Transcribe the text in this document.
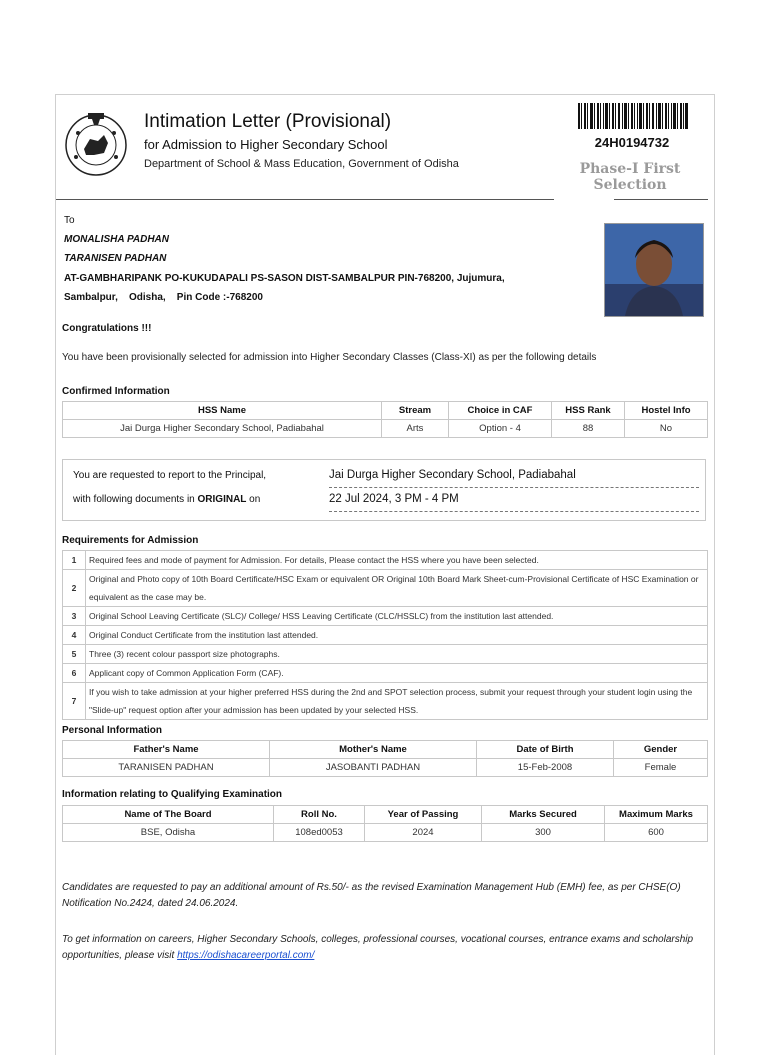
Intimation Letter (Provisional)
for Admission to Higher Secondary School
Department of School & Mass Education, Government of Odisha
24H0194732
Phase-I First
Selection
To
MONALISHA PADHAN
TARANISEN PADHAN
AT-GAMBHARIPANK PO-KUKUDAPALI PS-SASON DIST-SAMBALPUR PIN-768200, Jujumura,
Sambalpur,    Odisha,    Pin Code :-768200
Congratulations !!!
You have been provisionally selected for admission into Higher Secondary Classes (Class-XI) as per the following details
Confirmed Information
HSS Name	Stream	Choice in CAF	HSS Rank	Hostel Info
Jai Durga Higher Secondary School, Padiabahal	Arts	Option - 4	88	No
You are requested to report to the Principal,
with following documents in ORIGINAL on
Jai Durga Higher Secondary School, Padiabahal
22 Jul 2024, 3 PM - 4 PM
Requirements for Admission
1	Required fees and mode of payment for Admission. For details, Please contact the HSS where you have been selected.
2	Original and Photo copy of 10th Board Certificate/HSC Exam or equivalent OR Original 10th Board Mark Sheet-cum-Provisional Certificate of HSC Examination or equivalent as the case may be.
3	Original School Leaving Certificate (SLC)/ College/ HSS Leaving Certificate (CLC/HSSLC) from the institution last attended.
4	Original Conduct Certificate from the institution last attended.
5	Three (3) recent colour passport size photographs.
6	Applicant copy of Common Application Form (CAF).
7	If you wish to take admission at your higher preferred HSS during the 2nd and SPOT selection process, submit your request through your student login using the "Slide-up" request option after your admission has been updated by your selected HSS.
Personal Information
Father's Name	Mother's Name	Date of Birth	Gender
TARANISEN PADHAN	JASOBANTI PADHAN	15-Feb-2008	Female
Information relating to Qualifying Examination
Name of The Board	Roll No.	Year of Passing	Marks Secured	Maximum Marks
BSE, Odisha	108ed0053	2024	300	600
Candidates are requested to pay an additional amount of Rs.50/- as the revised Examination Management Hub (EMH) fee, as per CHSE(O) Notification No.2424, dated 24.06.2024.
To get information on careers, Higher Secondary Schools, colleges, professional courses, vocational courses, entrance exams and scholarship opportunities, please visit https://odishacareerportal.com/
